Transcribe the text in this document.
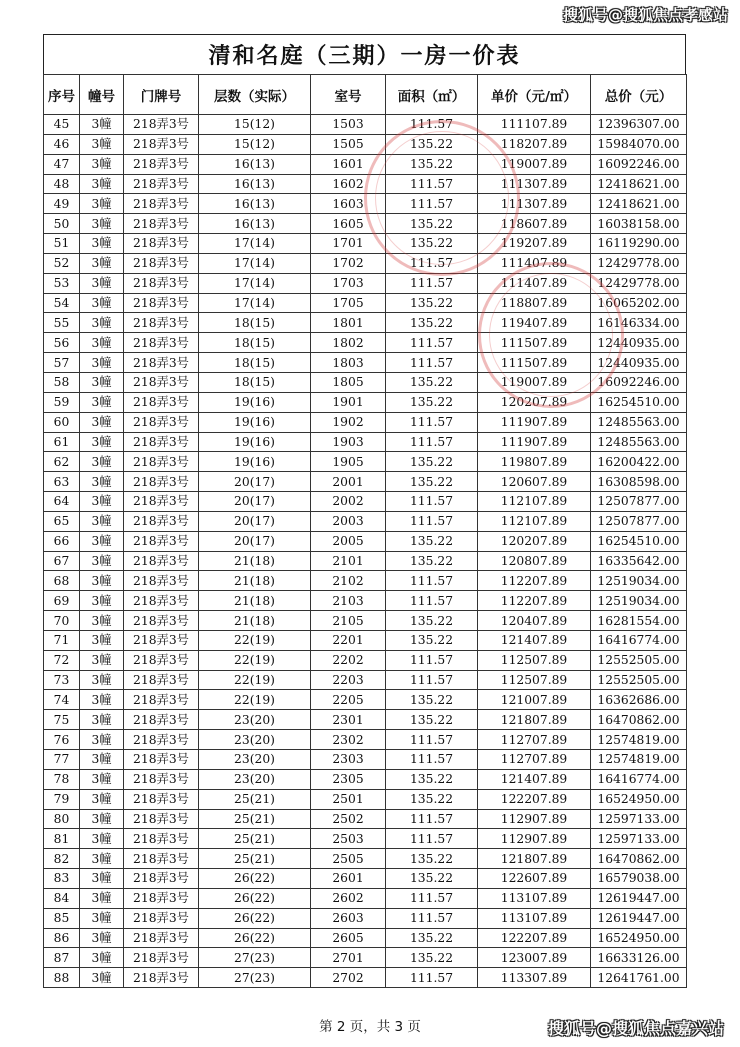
搜狐号@搜狐焦点孝感站
清和名庭（三期）一房一价表
序号	幢号	门牌号	层数（实际）	室号	面积（㎡）	单价（元/㎡）	总价（元）
45	3幢	218弄3号	15(12)	1503	111.57	111107.89	12396307.00
46	3幢	218弄3号	15(12)	1505	135.22	118207.89	15984070.00
47	3幢	218弄3号	16(13)	1601	135.22	119007.89	16092246.00
48	3幢	218弄3号	16(13)	1602	111.57	111307.89	12418621.00
49	3幢	218弄3号	16(13)	1603	111.57	111307.89	12418621.00
50	3幢	218弄3号	16(13)	1605	135.22	118607.89	16038158.00
51	3幢	218弄3号	17(14)	1701	135.22	119207.89	16119290.00
52	3幢	218弄3号	17(14)	1702	111.57	111407.89	12429778.00
53	3幢	218弄3号	17(14)	1703	111.57	111407.89	12429778.00
54	3幢	218弄3号	17(14)	1705	135.22	118807.89	16065202.00
55	3幢	218弄3号	18(15)	1801	135.22	119407.89	16146334.00
56	3幢	218弄3号	18(15)	1802	111.57	111507.89	12440935.00
57	3幢	218弄3号	18(15)	1803	111.57	111507.89	12440935.00
58	3幢	218弄3号	18(15)	1805	135.22	119007.89	16092246.00
59	3幢	218弄3号	19(16)	1901	135.22	120207.89	16254510.00
60	3幢	218弄3号	19(16)	1902	111.57	111907.89	12485563.00
61	3幢	218弄3号	19(16)	1903	111.57	111907.89	12485563.00
62	3幢	218弄3号	19(16)	1905	135.22	119807.89	16200422.00
63	3幢	218弄3号	20(17)	2001	135.22	120607.89	16308598.00
64	3幢	218弄3号	20(17)	2002	111.57	112107.89	12507877.00
65	3幢	218弄3号	20(17)	2003	111.57	112107.89	12507877.00
66	3幢	218弄3号	20(17)	2005	135.22	120207.89	16254510.00
67	3幢	218弄3号	21(18)	2101	135.22	120807.89	16335642.00
68	3幢	218弄3号	21(18)	2102	111.57	112207.89	12519034.00
69	3幢	218弄3号	21(18)	2103	111.57	112207.89	12519034.00
70	3幢	218弄3号	21(18)	2105	135.22	120407.89	16281554.00
71	3幢	218弄3号	22(19)	2201	135.22	121407.89	16416774.00
72	3幢	218弄3号	22(19)	2202	111.57	112507.89	12552505.00
73	3幢	218弄3号	22(19)	2203	111.57	112507.89	12552505.00
74	3幢	218弄3号	22(19)	2205	135.22	121007.89	16362686.00
75	3幢	218弄3号	23(20)	2301	135.22	121807.89	16470862.00
76	3幢	218弄3号	23(20)	2302	111.57	112707.89	12574819.00
77	3幢	218弄3号	23(20)	2303	111.57	112707.89	12574819.00
78	3幢	218弄3号	23(20)	2305	135.22	121407.89	16416774.00
79	3幢	218弄3号	25(21)	2501	135.22	122207.89	16524950.00
80	3幢	218弄3号	25(21)	2502	111.57	112907.89	12597133.00
81	3幢	218弄3号	25(21)	2503	111.57	112907.89	12597133.00
82	3幢	218弄3号	25(21)	2505	135.22	121807.89	16470862.00
83	3幢	218弄3号	26(22)	2601	135.22	122607.89	16579038.00
84	3幢	218弄3号	26(22)	2602	111.57	113107.89	12619447.00
85	3幢	218弄3号	26(22)	2603	111.57	113107.89	12619447.00
86	3幢	218弄3号	26(22)	2605	135.22	122207.89	16524950.00
87	3幢	218弄3号	27(23)	2701	135.22	123007.89	16633126.00
88	3幢	218弄3号	27(23)	2702	111.57	113307.89	12641761.00
第 2 页，共 3 页	搜狐号@搜狐焦点嘉兴站
